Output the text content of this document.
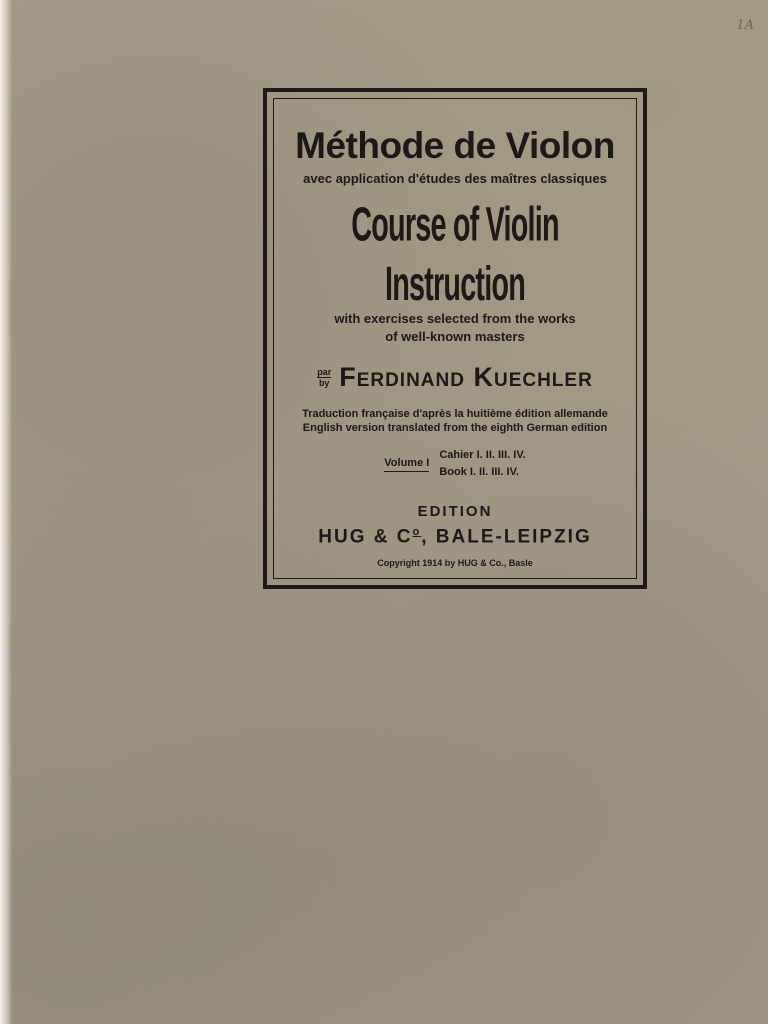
1A
Méthode de Violon
avec application d'études des maîtres classiques
Course of Violin Instruction
with exercises selected from the works
of well-known masters
par
by Ferdinand Kuechler
Traduction française d'après la huitième édition allemande
English version translated from the eighth German edition
Volume I
Cahier I. II. III. IV.
Book I. II. III. IV.
EDITION
HUG & $C^o$, BALE-LEIPZIG
Copyright 1914 by HUG & Co., Basle
